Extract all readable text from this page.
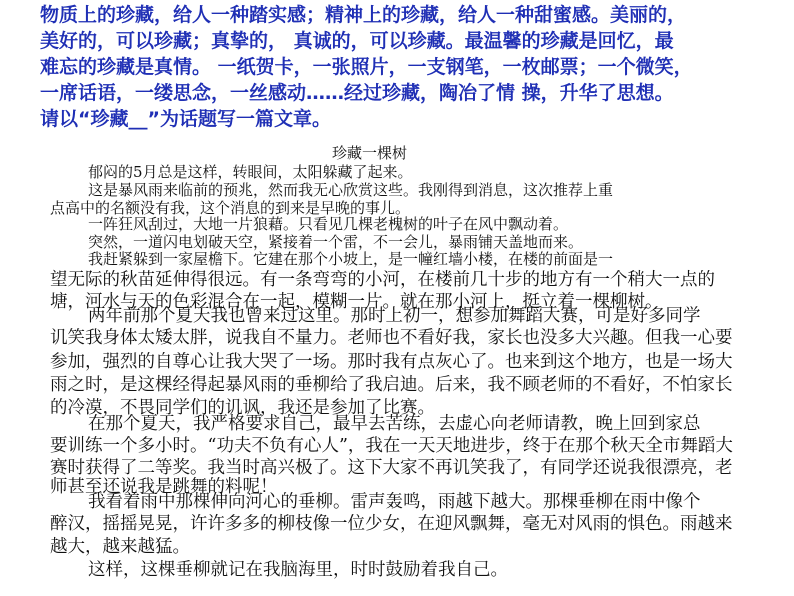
物质上的珍藏，给人一种踏实感；精神上的珍藏，给人一种甜蜜感。美丽的，
美好的，可以珍藏；真挚的， 真诚的，可以珍藏。最温馨的珍藏是回忆，最
难忘的珍藏是真情。 一纸贺卡，一张照片，一支钢笔，一枚邮票；一个微笑，
一席话语，一缕思念，一丝感动……经过珍藏，陶冶了情 操，升华了思想。
请以“珍藏__”为话题写一篇文章。
珍藏一棵树
郁闷的5月总是这样，转眼间，太阳躲藏了起来。
这是暴风雨来临前的预兆，然而我无心欣赏这些。我刚得到消息，这次推荐上重
点高中的名额没有我，这个消息的到来是早晚的事儿。
一阵狂风刮过，大地一片狼藉。只看见几棵老槐树的叶子在风中飘动着。
突然，一道闪电划破天空，紧接着一个雷，不一会儿，暴雨铺天盖地而来。
我赶紧躲到一家屋檐下。它建在那个小坡上，是一幢红墙小楼，在楼的前面是一
望无际的秋苗延伸得很远。有一条弯弯的小河，在楼前几十步的地方有一个稍大一点的
塘，河水与天的色彩混合在一起，模糊一片。就在那小河上，挺立着一棵柳树。
两年前那个夏天我也曾来过这里。那时上初一，想参加舞蹈大赛，可是好多同学
讥笑我身体太矮太胖，说我自不量力。老师也不看好我，家长也没多大兴趣。但我一心要
参加，强烈的自尊心让我大哭了一场。那时我有点灰心了。也来到这个地方，也是一场大
雨之时，是这棵经得起暴风雨的垂柳给了我启迪。后来，我不顾老师的不看好，不怕家长
的冷漠，不畏同学们的讥讽，我还是参加了比赛。
在那个夏天，我严格要求自己，最早去苦练，去虚心向老师请教，晚上回到家总
要训练一个多小时。“功夫不负有心人”，我在一天天地进步，终于在那个秋天全市舞蹈大
赛时获得了二等奖。我当时高兴极了。这下大家不再讥笑我了，有同学还说我很漂亮，老
师甚至还说我是跳舞的料呢！
我看着雨中那棵伸向河心的垂柳。雷声轰鸣，雨越下越大。那棵垂柳在雨中像个
醉汉，摇摇晃晃，许许多多的柳枝像一位少女，在迎风飘舞，毫无对风雨的惧色。雨越来
越大，越来越猛。
这样，这棵垂柳就记在我脑海里，时时鼓励着我自己。
